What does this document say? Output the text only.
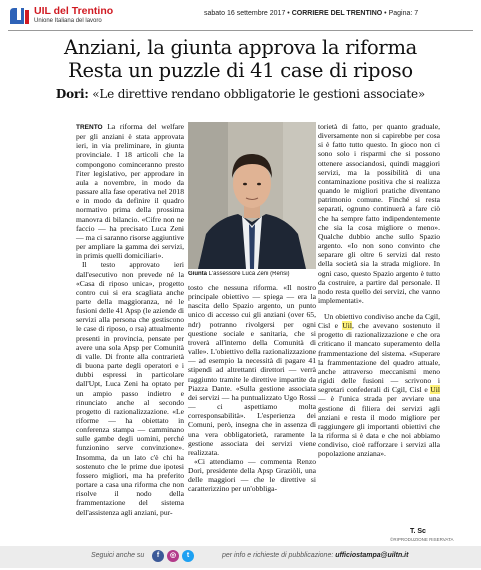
UIL del Trentino
Unione Italiana del lavoro
sabato 16 settembre 2017 • CORRIERE DEL TRENTINO • Pagina: 7
Anziani, la giunta approva la riforma
Resta un puzzle di 41 case di riposo
Dori: «Le direttive rendano obbligatorie le gestioni associate»

TRENTO La riforma del welfare per gli anziani è stata approvata ieri, in via preliminare, in giunta provinciale. I 18 articoli che la compongono cominceranno presto l'iter legislativo, per approdare in aula a novembre, in modo da passare alla fase operativa nel 2018 e in modo da definire il quadro normativo prima della prossima manovra di bilancio. «Cifre non ne faccio — ha precisato Luca Zeni — ma ci saranno risorse aggiuntive per ampliare la gamma dei servizi, in primis quelli domiciliari».

Il testo approvato ieri dall'esecutivo non prevede né la «Casa di riposo unica», progetto contro cui si era scagliata anche parte della maggioranza, né le fusioni delle 41 Apsp (le aziende di servizi alla persona che gestiscono le case di riposo, o rsa) attualmente presenti in provincia, pensate per avere una sola Apsp per Comunità di valle. Di fronte alla contrarietà di buona parte degli operatori e i dubbi espressi in particolare dall'Upt, Luca Zeni ha optato per un ampio passo indietro e rinunciato anche al secondo progetto di razionalizzazione. «Le riforme — ha obiettato in conferenza stampa — camminano sulle gambe degli uomini, perché funzionino serve convinzione». Insomma, da un lato c'è chi ha sostenuto che le prime due ipotesi fossero migliori, ma ha preferito portare a casa una riforma che non risolve il nodo della frammentazione del sistema dell'assistenza agli anziani, pur-

Giunta L'assessore Luca Zeni (Rensi)

tosto che nessuna riforma. «Il nostro principale obiettivo — spiega — era la nascita dello Spazio argento, un punto unico di accesso cui gli anziani (over 65, ndr) potranno rivolgersi per ogni questione sociale e sanitaria, che si troverà all'interno della Comunità di valle». L'obiettivo della razionalizzazione — ad esempio la necessità di pagare 41 stipendi ad altrettanti direttori — verrà raggiunto tramite le direttive impartite da Piazza Dante. «Sulla gestione associata dei servizi — ha puntualizzato Ugo Rossi — ci aspettiamo molta corresponsabilità». L'esperienza dei Comuni, però, insegna che in assenza di una vera obbligatorietà, raramente la gestione associata dei servizi viene realizzata.

«Ci attendiamo — commenta Renzo Dori, presidente della Apsp Graziòli, una delle maggiori — che le direttive si caratterizzino per un'obbliga-

torietà di fatto, per quanto graduale, diversamente non si capirebbe per cosa si è fatto tutto questo. In gioco non ci sono solo i risparmi che si possono ottenere associandosi, quindi maggiori servizi, ma la possibilità di una contaminazione positiva che si realizza quando le migliori pratiche diventano patrimonio comune. Finché si resta separati, ognuno continuerà a fare ciò che ha sempre fatto indipendentemente che sia la cosa migliore o meno». Qualche dubbio anche sullo Spazio argento. «Io non sono convinto che separare gli oltre 6 servizi dal resto della società sia la strada migliore. In ogni caso, questo Spazio argento è tutto da costruire, a partire dal personale. Il nodo resta quello dei servizi, che vanno implementati».

Un obiettivo condiviso anche da Cgil, Cisl e Uil, che avevano sostenuto il progetto di razionalizzazione e che ora criticano il mancato superamento della frammentazione del sistema. «Superare la frammentazione del quadro attuale, anche attraverso meccanismi meno rigidi delle fusioni — scrivono i segretari confederali di Cgil, Cisl e Uil — è l'unica strada per avviare una gestione di filiera dei servizi agli anziani e resta il modo migliore per raggiungere gli importanti obiettivi che la riforma si è data e che noi abbiamo condiviso, cioè rafforzare i servizi alla popolazione anziana».

T. Sc
©RIPRODUZIONE RISERVATA
Seguici anche su	f	◎	t	per info e richieste di pubblicazione: ufficiostampa@uiltn.it
